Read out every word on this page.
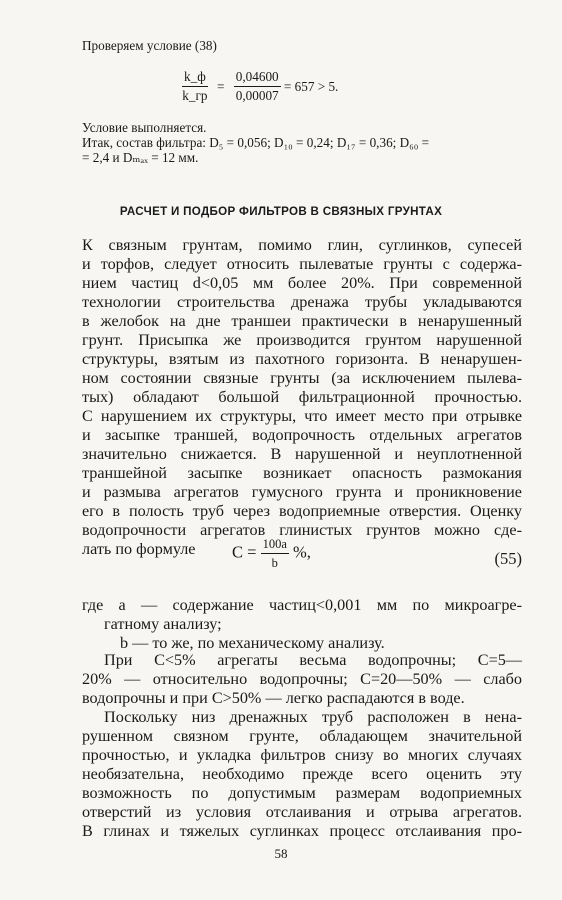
Проверяем условие (38)
$\frac{k\_ф}{k\_гр} = \frac{0,04600}{0,00007} = 657 > 5$.
Условие выполняется.
Итак, состав фильтра: D₅ = 0,056; D₁₀ = 0,24; D₁₇ = 0,36; D₆₀ =
= 2,4 и Dₘₐₓ = 12 мм.
РАСЧЕТ И ПОДБОР ФИЛЬТРОВ В СВЯЗНЫХ ГРУНТАХ
К связным грунтам, помимо глин, суглинков, супесей
и торфов, следует относить пылеватые грунты с содержа-
нием частиц d<0,05 мм более 20%. При современной
технологии строительства дренажа трубы укладываются
в желобок на дне траншеи практически в ненарушенный
грунт. Присыпка же производится грунтом нарушенной
структуры, взятым из пахотного горизонта. В ненарушен-
ном состоянии связные грунты (за исключением пылева-
тых) обладают большой фильтрационной прочностью.
С нарушением их структуры, что имеет место при отрывке
и засыпке траншей, водопрочность отдельных агрегатов
значительно снижается. В нарушенной и неуплотненной
траншейной засыпке возникает опасность размокания
и размыва агрегатов гумусного грунта и проникновение
его в полость труб через водоприемные отверстия. Оценку
водопрочности агрегатов глинистых грунтов можно сде-
лать по формуле	$C = \frac{100a}{b}$ %,	(55)
где a — содержание частиц<0,001 мм по микроагре-
гатному анализу;
b — то же, по механическому анализу.
При C<5% агрегаты весьма водопрочны; C=5—
20% — относительно водопрочны; C=20—50% — слабо
водопрочны и при C>50% — легко распадаются в воде.
Поскольку низ дренажных труб расположен в нена-
рушенном связном грунте, обладающем значительной
прочностью, и укладка фильтров снизу во многих случаях
необязательна, необходимо прежде всего оценить эту
возможность по допустимым размерам водоприемных
отверстий из условия отслаивания и отрыва агрегатов.
В глинах и тяжелых суглинках процесс отслаивания про-
58
